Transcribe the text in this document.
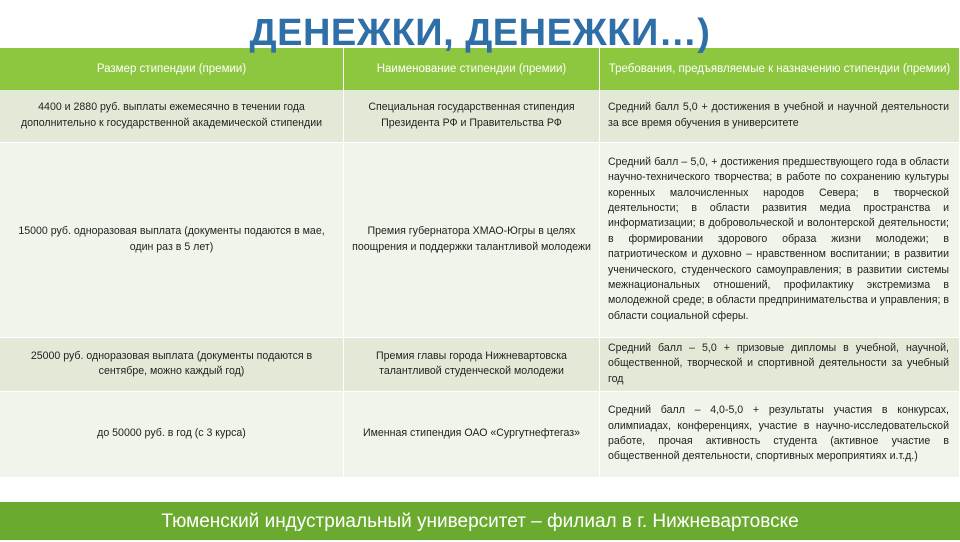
ДЕНЕЖКИ, ДЕНЕЖКИ…)
Размер стипендии (премии)	Наименование стипендии (премии)	Требования, предъявляемые к назначению стипендии (премии)
4400 и 2880 руб. выплаты ежемесячно в течении года дополнительно к государственной академической стипендии	Специальная государственная стипендия Президента РФ и Правительства РФ	Средний балл 5,0 + достижения в учебной и научной деятельности за все время обучения в университете
15000 руб. одноразовая выплата (документы подаются в мае, один раз в 5 лет)	Премия губернатора ХМАО-Югры в целях поощрения и поддержки талантливой молодежи	Средний балл – 5,0, + достижения предшествующего года в области научно-технического творчества; в работе по сохранению культуры коренных малочисленных народов Севера; в творческой деятельности; в области развития медиа пространства и информатизации; в добровольческой и волонтерской деятельности; в формировании здорового образа жизни молодежи; в патриотическом и духовно – нравственном воспитании; в развитии ученического, студенческого самоуправления; в развитии системы межнациональных отношений, профилактику экстремизма в молодежной среде; в области предпринимательства и управления; в области социальной сферы.
25000 руб. одноразовая выплата (документы подаются в сентябре, можно каждый год)	Премия главы города Нижневартовска талантливой студенческой молодежи	Средний балл – 5,0 + призовые дипломы в учебной, научной, общественной, творческой и спортивной деятельности за учебный год
до 50000 руб. в год (с 3 курса)	Именная стипендия ОАО «Сургутнефтегаз»	Средний балл – 4,0-5,0 + результаты участия в конкурсах, олимпиадах, конференциях, участие в научно-исследовательской работе, прочая активность студента (активное участие в общественной деятельности, спортивных мероприятиях и.т.д.)
Тюменский индустриальный университет – филиал в г. Нижневартовске
